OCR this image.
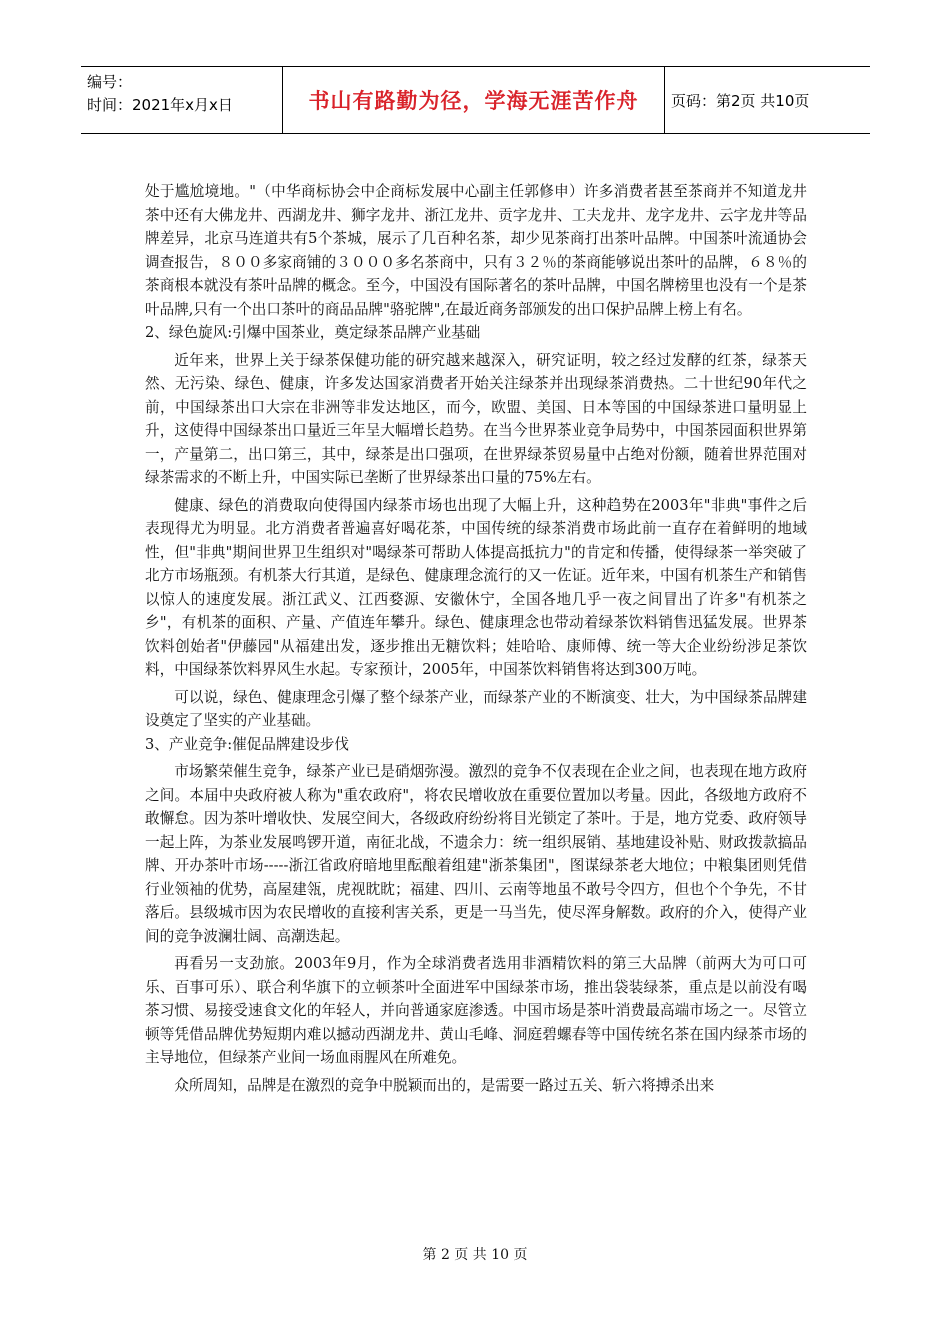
编号：
时间：2021年x月x日	书山有路勤为径，学海无涯苦作舟	页码：第2页 共10页

处于尴尬境地。"（中华商标协会中企商标发展中心副主任郭修申）许多消费者甚至茶商并不知道龙井茶中还有大佛龙井、西湖龙井、狮字龙井、浙江龙井、贡字龙井、工夫龙井、龙字龙井、云字龙井等品牌差异，北京马连道共有5个茶城，展示了几百种名茶，却少见茶商打出茶叶品牌。中国茶叶流通协会调查报告，８００多家商铺的３０００多名茶商中，只有３２％的茶商能够说出茶叶的品牌，６８％的茶商根本就没有茶叶品牌的概念。至今，中国没有国际著名的茶叶品牌，中国名牌榜里也没有一个是茶叶品牌,只有一个出口茶叶的商品品牌"骆驼牌",在最近商务部颁发的出口保护品牌上榜上有名。

2、绿色旋风:引爆中国茶业，奠定绿茶品牌产业基础

近年来，世界上关于绿茶保健功能的研究越来越深入，研究证明，较之经过发酵的红茶，绿茶天然、无污染、绿色、健康，许多发达国家消费者开始关注绿茶并出现绿茶消费热。二十世纪90年代之前，中国绿茶出口大宗在非洲等非发达地区，而今，欧盟、美国、日本等国的中国绿茶进口量明显上升，这使得中国绿茶出口量近三年呈大幅增长趋势。在当今世界茶业竞争局势中，中国茶园面积世界第一，产量第二，出口第三，其中，绿茶是出口强项，在世界绿茶贸易量中占绝对份额，随着世界范围对绿茶需求的不断上升，中国实际已垄断了世界绿茶出口量的75%左右。

健康、绿色的消费取向使得国内绿茶市场也出现了大幅上升，这种趋势在2003年"非典"事件之后表现得尤为明显。北方消费者普遍喜好喝花茶，中国传统的绿茶消费市场此前一直存在着鲜明的地域性，但"非典"期间世界卫生组织对"喝绿茶可帮助人体提高抵抗力"的肯定和传播，使得绿茶一举突破了北方市场瓶颈。有机茶大行其道，是绿色、健康理念流行的又一佐证。近年来，中国有机茶生产和销售以惊人的速度发展。浙江武义、江西婺源、安徽休宁，全国各地几乎一夜之间冒出了许多"有机茶之乡"，有机茶的面积、产量、产值连年攀升。绿色、健康理念也带动着绿茶饮料销售迅猛发展。世界茶饮料创始者"伊藤园"从福建出发，逐步推出无糖饮料；娃哈哈、康师傅、统一等大企业纷纷涉足茶饮料，中国绿茶饮料界风生水起。专家预计，2005年，中国茶饮料销售将达到300万吨。

可以说，绿色、健康理念引爆了整个绿茶产业，而绿茶产业的不断演变、壮大，为中国绿茶品牌建设奠定了坚实的产业基础。

3、产业竞争:催促品牌建设步伐

市场繁荣催生竞争，绿茶产业已是硝烟弥漫。激烈的竞争不仅表现在企业之间，也表现在地方政府之间。本届中央政府被人称为"重农政府"，将农民增收放在重要位置加以考量。因此，各级地方政府不敢懈怠。因为茶叶增收快、发展空间大，各级政府纷纷将目光锁定了茶叶。于是，地方党委、政府领导一起上阵，为茶业发展鸣锣开道，南征北战，不遗余力：统一组织展销、基地建设补贴、财政拨款搞品牌、开办茶叶市场-----浙江省政府暗地里酝酿着组建"浙茶集团"，图谋绿茶老大地位；中粮集团则凭借行业领袖的优势，高屋建瓴，虎视眈眈；福建、四川、云南等地虽不敢号令四方，但也个个争先，不甘落后。县级城市因为农民增收的直接利害关系，更是一马当先，使尽浑身解数。政府的介入，使得产业间的竞争波澜壮阔、高潮迭起。

再看另一支劲旅。2003年9月，作为全球消费者选用非酒精饮料的第三大品牌（前两大为可口可乐、百事可乐）、联合利华旗下的立顿茶叶全面进军中国绿茶市场，推出袋装绿茶，重点是以前没有喝茶习惯、易接受速食文化的年轻人，并向普通家庭渗透。中国市场是茶叶消费最高端市场之一。尽管立顿等凭借品牌优势短期内难以撼动西湖龙井、黄山毛峰、洞庭碧螺春等中国传统名茶在国内绿茶市场的主导地位，但绿茶产业间一场血雨腥风在所难免。

众所周知，品牌是在激烈的竞争中脱颖而出的，是需要一路过五关、斩六将搏杀出来

第 2 页 共 10 页
